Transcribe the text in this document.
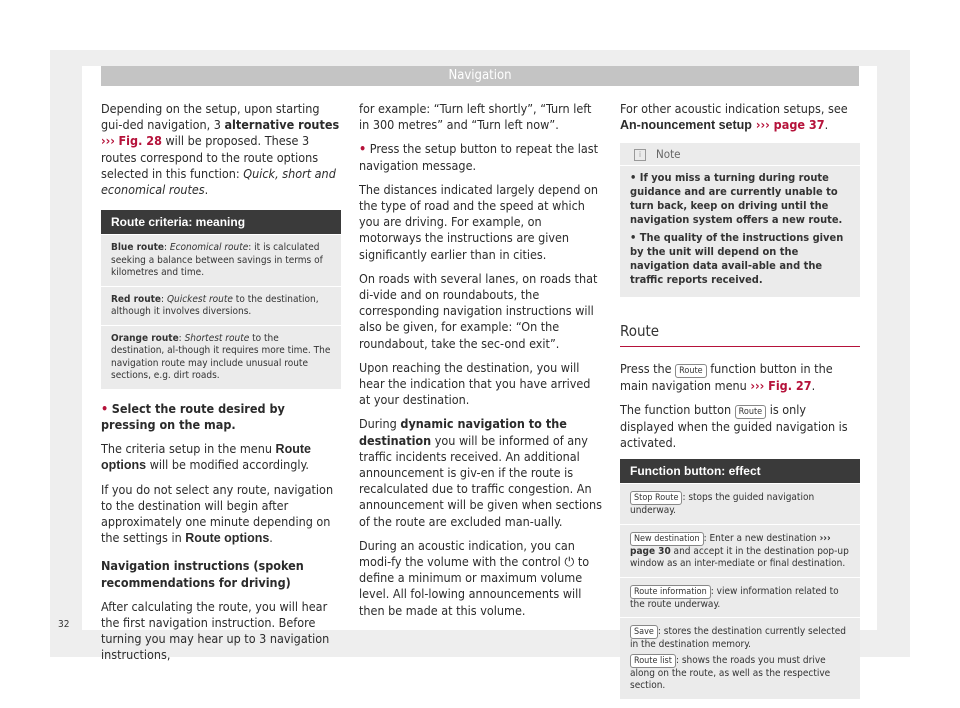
Navigation

Depending on the setup, upon starting gui-ded navigation, 3 alternative routes
››› Fig. 28 will be proposed. These 3 routes correspond to the route options selected in this function: Quick, short and economical routes.

Route criteria: meaning
Blue route: Economical route: it is calculated seeking a balance between savings in terms of kilometres and time.
Red route: Quickest route to the destination, although it involves diversions.
Orange route: Shortest route to the destination, al-though it requires more time. The navigation route may include unusual route sections, e.g. dirt roads.

• Select the route desired by pressing on the map.

The criteria setup in the menu Route options will be modified accordingly.

If you do not select any route, navigation to the destination will begin after approximately one minute depending on the settings in Route options.

Navigation instructions (spoken recommendations for driving)

After calculating the route, you will hear the first navigation instruction. Before turning you may hear up to 3 navigation instructions,

for example: “Turn left shortly”, “Turn left in 300 metres” and “Turn left now”.

• Press the setup button to repeat the last navigation message.

The distances indicated largely depend on the type of road and the speed at which you are driving. For example, on motorways the instructions are given significantly earlier than in cities.

On roads with several lanes, on roads that di-vide and on roundabouts, the corresponding navigation instructions will also be given, for example: “On the roundabout, take the sec-ond exit”.

Upon reaching the destination, you will hear the indication that you have arrived at your destination.

During dynamic navigation to the destination you will be informed of any traffic incidents received. An additional announcement is giv-en if the route is recalculated due to traffic congestion. An announcement will be given when sections of the route are excluded man-ually.

During an acoustic indication, you can modi-fy the volume with the control ⏻ to define a minimum or maximum volume level. All fol-lowing announcements will then be made at this volume.

For other acoustic indication setups, see An-nouncement setup ››› page 37.

i Note
• If you miss a turning during route guidance and are currently unable to turn back, keep on driving until the navigation system offers a new route.
• The quality of the instructions given by the unit will depend on the navigation data avail-able and the traffic reports received.
Route

Press the Route function button in the main navigation menu ››› Fig. 27.

The function button Route is only displayed when the guided navigation is activated.

Function button: effect
Stop Route : stops the guided navigation underway.
New destination : Enter a new destination ››› page 30 and accept it in the destination pop-up window as an inter-mediate or final destination.
Route information : view information related to the route underway.
Save : stores the destination currently selected in the destination memory.
Route list : shows the roads you must drive along on the route, as well as the respective section.
32
